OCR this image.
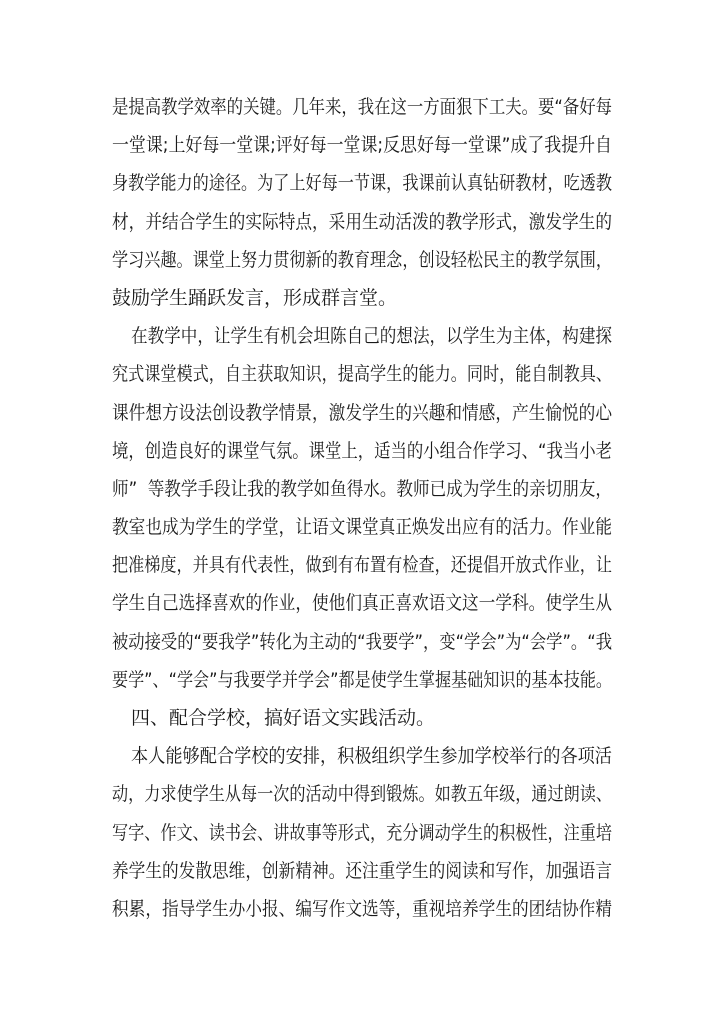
是提高教学效率的关键。几年来，我在这一方面狠下工夫。要“备好每
一堂课;上好每一堂课;评好每一堂课;反思好每一堂课”成了我提升自
身教学能力的途径。为了上好每一节课，我课前认真钻研教材，吃透教
材，并结合学生的实际特点，采用生动活泼的教学形式，激发学生的
学习兴趣。课堂上努力贯彻新的教育理念，创设轻松民主的教学氛围，
鼓励学生踊跃发言，形成群言堂。
在教学中，让学生有机会坦陈自己的想法，以学生为主体，构建探
究式课堂模式，自主获取知识，提高学生的能力。同时，能自制教具、
课件想方设法创设教学情景，激发学生的兴趣和情感，产生愉悦的心
境，创造良好的课堂气氛。课堂上，适当的小组合作学习、“我当小老
师”  等教学手段让我的教学如鱼得水。教师已成为学生的亲切朋友，
教室也成为学生的学堂，让语文课堂真正焕发出应有的活力。作业能
把准梯度，并具有代表性，做到有布置有检查，还提倡开放式作业，让
学生自己选择喜欢的作业，使他们真正喜欢语文这一学科。使学生从
被动接受的“要我学”转化为主动的“我要学”，变“学会”为“会学”。“我
要学”、“学会”与我要学并学会”都是使学生掌握基础知识的基本技能。
四、配合学校，搞好语文实践活动。
本人能够配合学校的安排，积极组织学生参加学校举行的各项活
动，力求使学生从每一次的活动中得到锻炼。如教五年级，通过朗读、
写字、作文、读书会、讲故事等形式，充分调动学生的积极性，注重培
养学生的发散思维，创新精神。还注重学生的阅读和写作，加强语言
积累，指导学生办小报、编写作文选等，重视培养学生的团结协作精
